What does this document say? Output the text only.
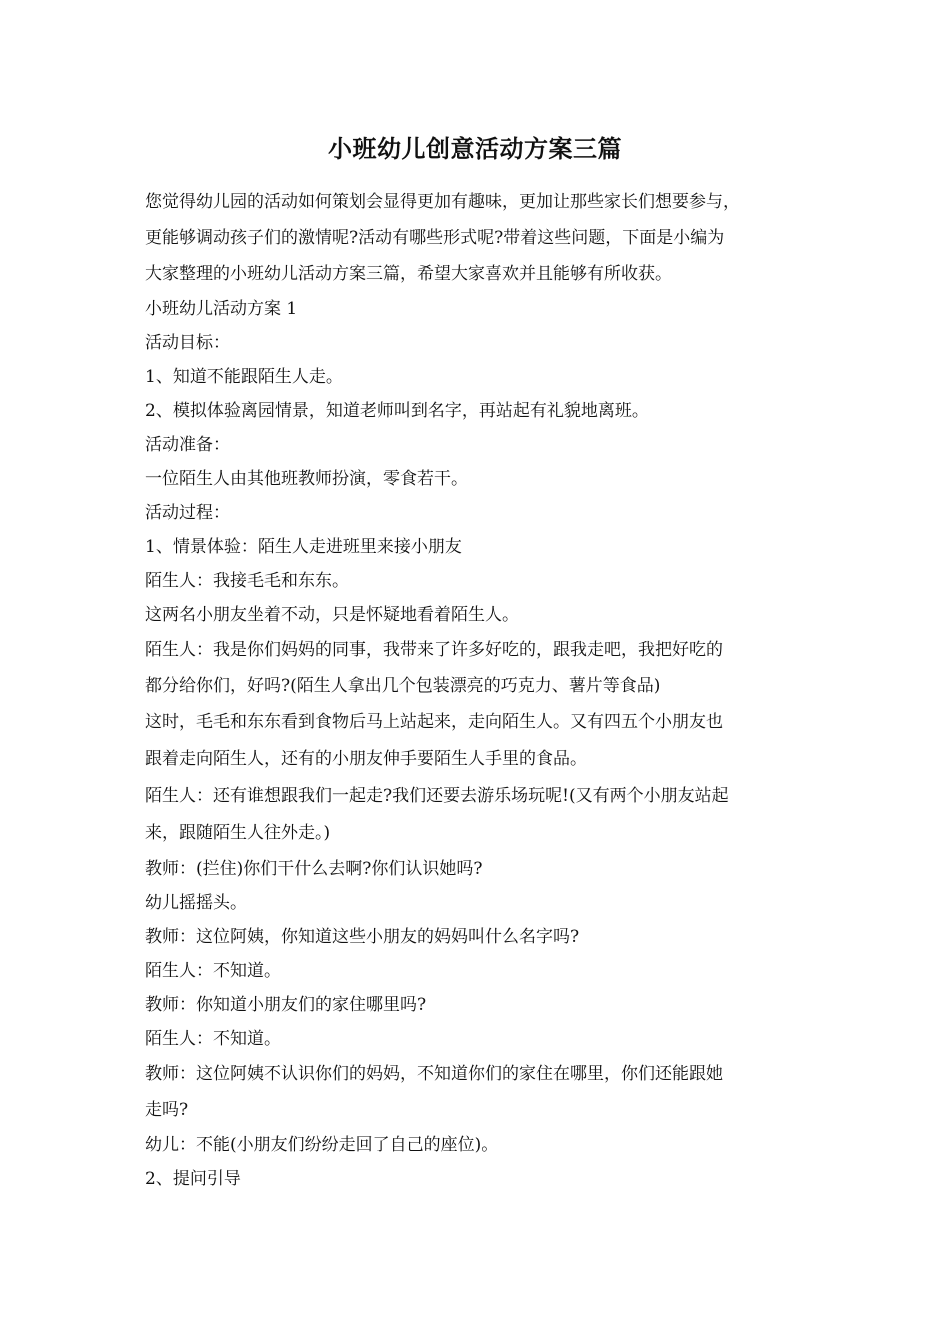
小班幼儿创意活动方案三篇

您觉得幼儿园的活动如何策划会显得更加有趣味，更加让那些家长们想要参与，

更能够调动孩子们的激情呢?活动有哪些形式呢?带着这些问题，下面是小编为

大家整理的小班幼儿活动方案三篇，希望大家喜欢并且能够有所收获。

小班幼儿活动方案 1

活动目标：

1、知道不能跟陌生人走。

2、模拟体验离园情景，知道老师叫到名字，再站起有礼貌地离班。

活动准备：

一位陌生人由其他班教师扮演，零食若干。

活动过程：

1、情景体验：陌生人走进班里来接小朋友

陌生人：我接毛毛和东东。

这两名小朋友坐着不动，只是怀疑地看着陌生人。

陌生人：我是你们妈妈的同事，我带来了许多好吃的，跟我走吧，我把好吃的

都分给你们，好吗?(陌生人拿出几个包装漂亮的巧克力、薯片等食品)

这时，毛毛和东东看到食物后马上站起来，走向陌生人。又有四五个小朋友也

跟着走向陌生人，还有的小朋友伸手要陌生人手里的食品。

陌生人：还有谁想跟我们一起走?我们还要去游乐场玩呢!(又有两个小朋友站起

来，跟随陌生人往外走。)

教师：(拦住)你们干什么去啊?你们认识她吗?

幼儿摇摇头。

教师：这位阿姨，你知道这些小朋友的妈妈叫什么名字吗?

陌生人：不知道。

教师：你知道小朋友们的家住哪里吗?

陌生人：不知道。

教师：这位阿姨不认识你们的妈妈，不知道你们的家住在哪里，你们还能跟她

走吗?

幼儿：不能(小朋友们纷纷走回了自己的座位)。

2、提问引导
